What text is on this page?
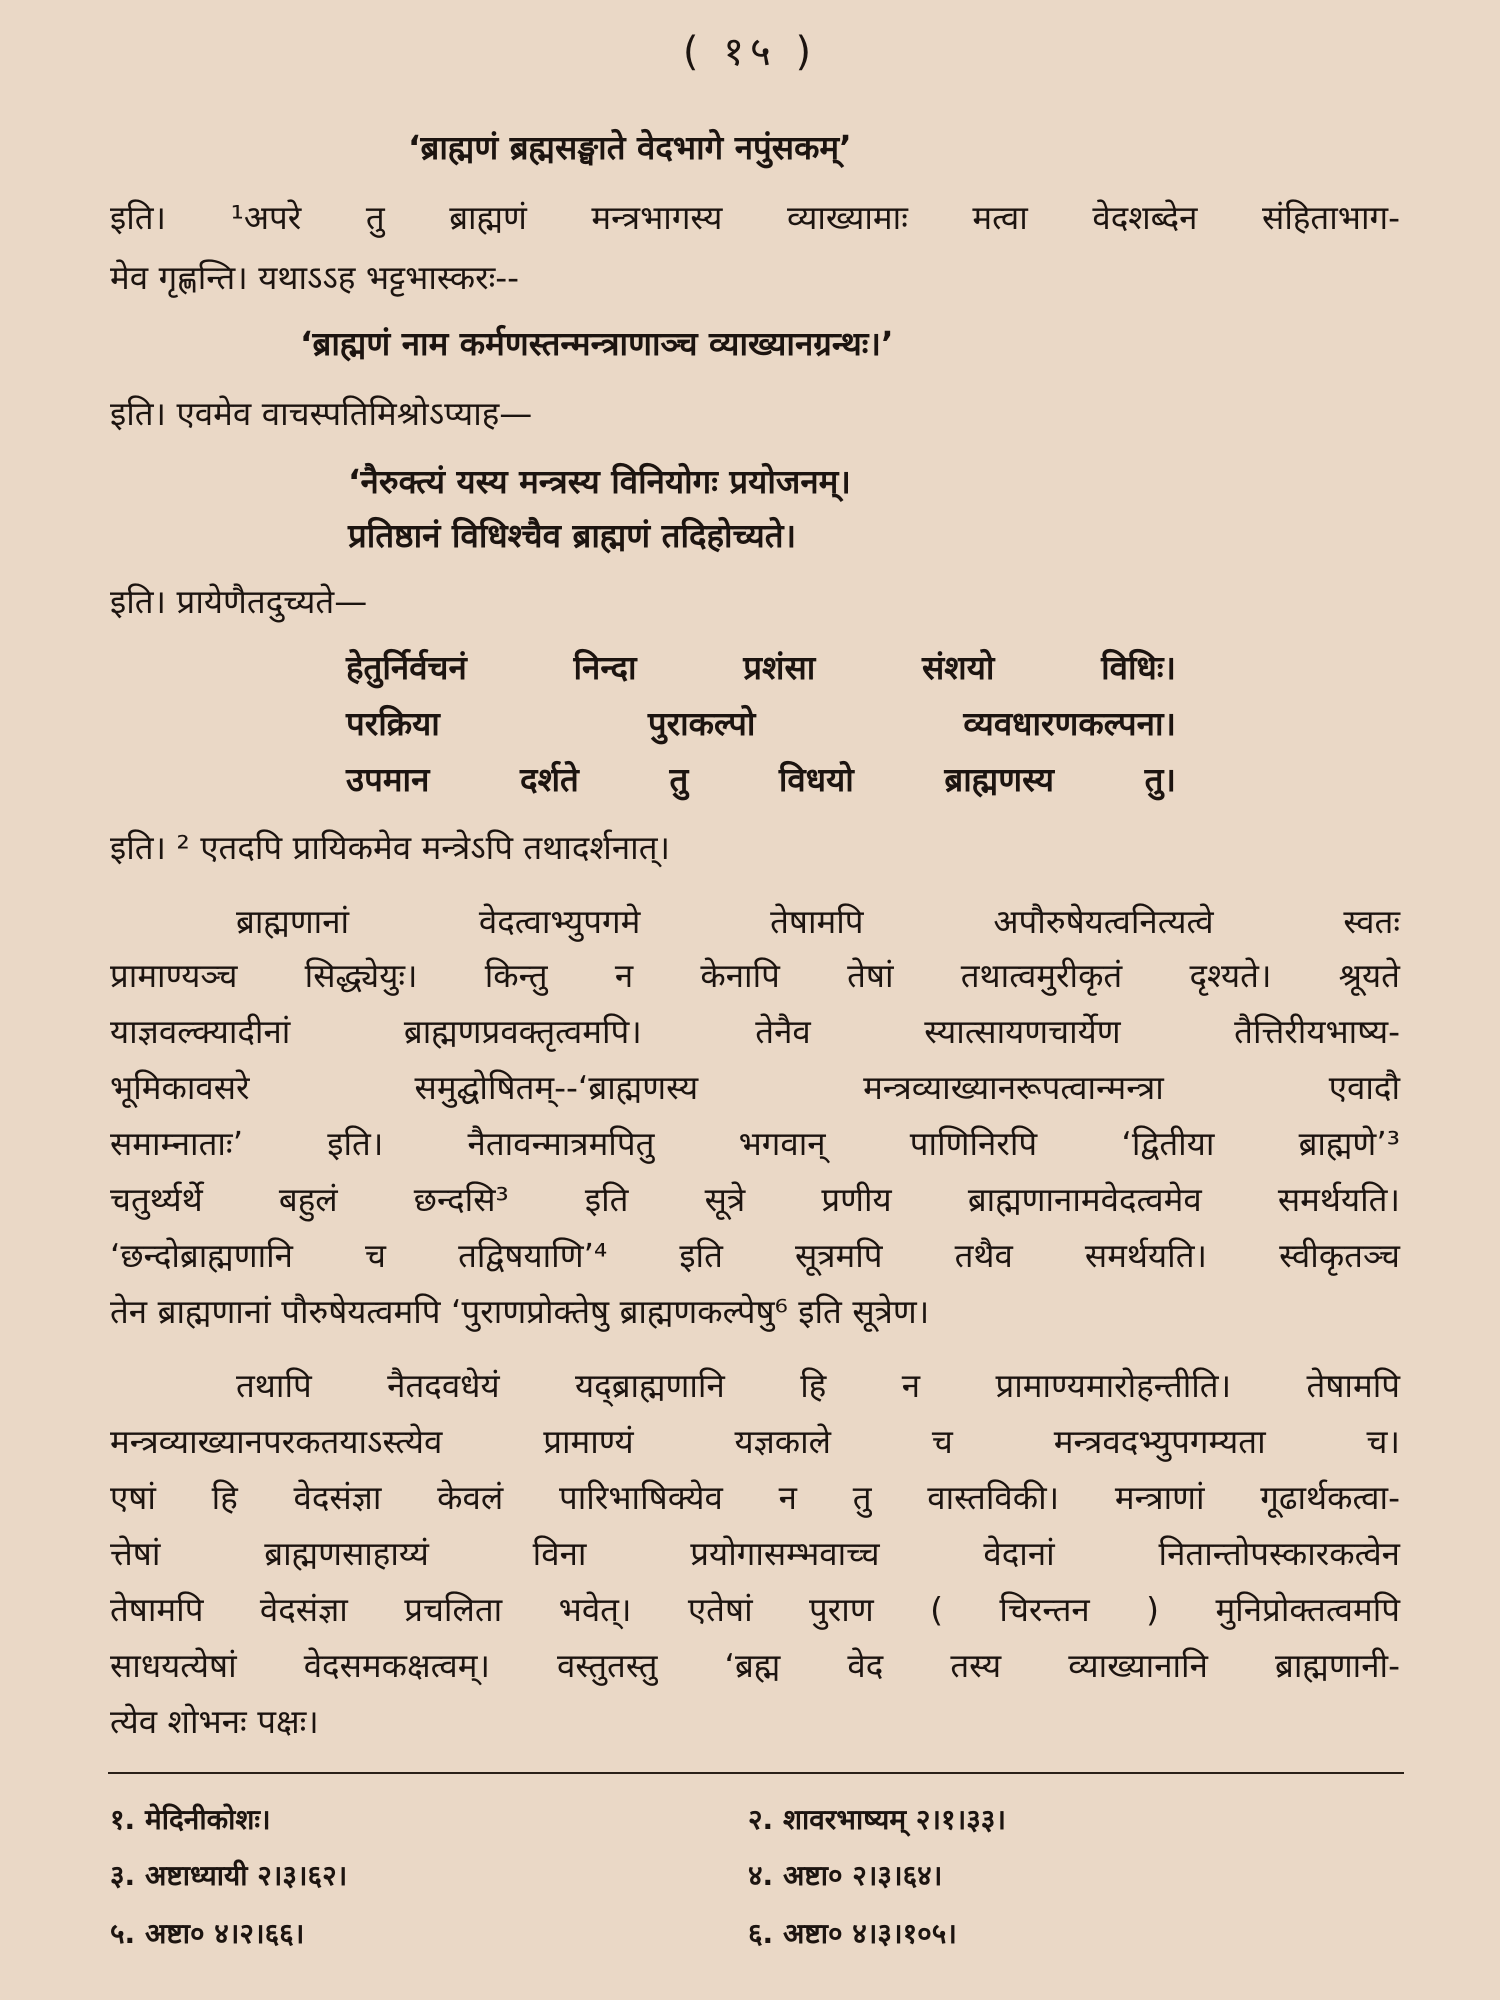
( १५ )
‘ब्राह्मणं ब्रह्मसङ्घाते वेदभागे नपुंसकम्’
इति। ¹अपरे तु ब्राह्मणं मन्त्रभागस्य व्याख्यामाः मत्वा वेदशब्देन संहिताभाग-
मेव गृह्णन्ति। यथाऽऽह भट्टभास्करः--
‘ब्राह्मणं नाम कर्मणस्तन्मन्त्राणाञ्च व्याख्यानग्रन्थः।’
इति। एवमेव वाचस्पतिमिश्रोऽप्याह—
‘नैरुक्त्यं यस्य मन्त्रस्य विनियोगः प्रयोजनम्।
प्रतिष्ठानं विधिश्चैव ब्राह्मणं तदिहोच्यते।
इति। प्रायेणैतदुच्यते—
हेतुर्निर्वचनं निन्दा प्रशंसा संशयो विधिः।
परक्रिया पुराकल्पो व्यवधारणकल्पना।
उपमान दर्शते तु विधयो ब्राह्मणस्य तु।
इति। ² एतदपि प्रायिकमेव मन्त्रेऽपि तथादर्शनात्।
ब्राह्मणानां वेदत्वाभ्युपगमे तेषामपि अपौरुषेयत्वनित्यत्वे स्वतः
प्रामाण्यञ्च सिद्ध्येयुः। किन्तु न केनापि तेषां तथात्वमुरीकृतं दृश्यते। श्रूयते
याज्ञवल्क्यादीनां ब्राह्मणप्रवक्तृत्वमपि। तेनैव स्यात्सायणचार्येण तैत्तिरीयभाष्य-
भूमिकावसरे समुद्घोषितम्--‘ब्राह्मणस्य मन्त्रव्याख्यानरूपत्वान्मन्त्रा एवादौ
समाम्नाताः’ इति। नैतावन्मात्रमपितु भगवान् पाणिनिरपि ‘द्वितीया ब्राह्मणे’³
चतुर्थ्यर्थे बहुलं छन्दसि³ इति सूत्रे प्रणीय ब्राह्मणानामवेदत्वमेव समर्थयति।
‘छन्दोब्राह्मणानि च तद्विषयाणि’⁴ इति सूत्रमपि तथैव समर्थयति। स्वीकृतञ्च
तेन ब्राह्मणानां पौरुषेयत्वमपि ‘पुराणप्रोक्तेषु ब्राह्मणकल्पेषु⁶ इति सूत्रेण।
तथापि नैतदवधेयं यद्ब्राह्मणानि हि न प्रामाण्यमारोहन्तीति। तेषामपि
मन्त्रव्याख्यानपरकतयाऽस्त्येव प्रामाण्यं यज्ञकाले च मन्त्रवदभ्युपगम्यता च।
एषां हि वेदसंज्ञा केवलं पारिभाषिक्येव न तु वास्तविकी। मन्त्राणां गूढार्थकत्वा-
त्तेषां ब्राह्मणसाहाय्यं विना प्रयोगासम्भवाच्च वेदानां नितान्तोपस्कारकत्वेन
तेषामपि वेदसंज्ञा प्रचलिता भवेत्। एतेषां पुराण ( चिरन्तन ) मुनिप्रोक्तत्वमपि
साधयत्येषां वेदसमकक्षत्वम्। वस्तुतस्तु ‘ब्रह्म वेद तस्य व्याख्यानानि ब्राह्मणानी-
त्येव शोभनः पक्षः।
१. मेदिनीकोशः।	२. शावरभाष्यम् २।१।३३।
३. अष्टाध्यायी २।३।६२।	४. अष्टा० २।३।६४।
५. अष्टा० ४।२।६६।	६. अष्टा० ४।३।१०५।
